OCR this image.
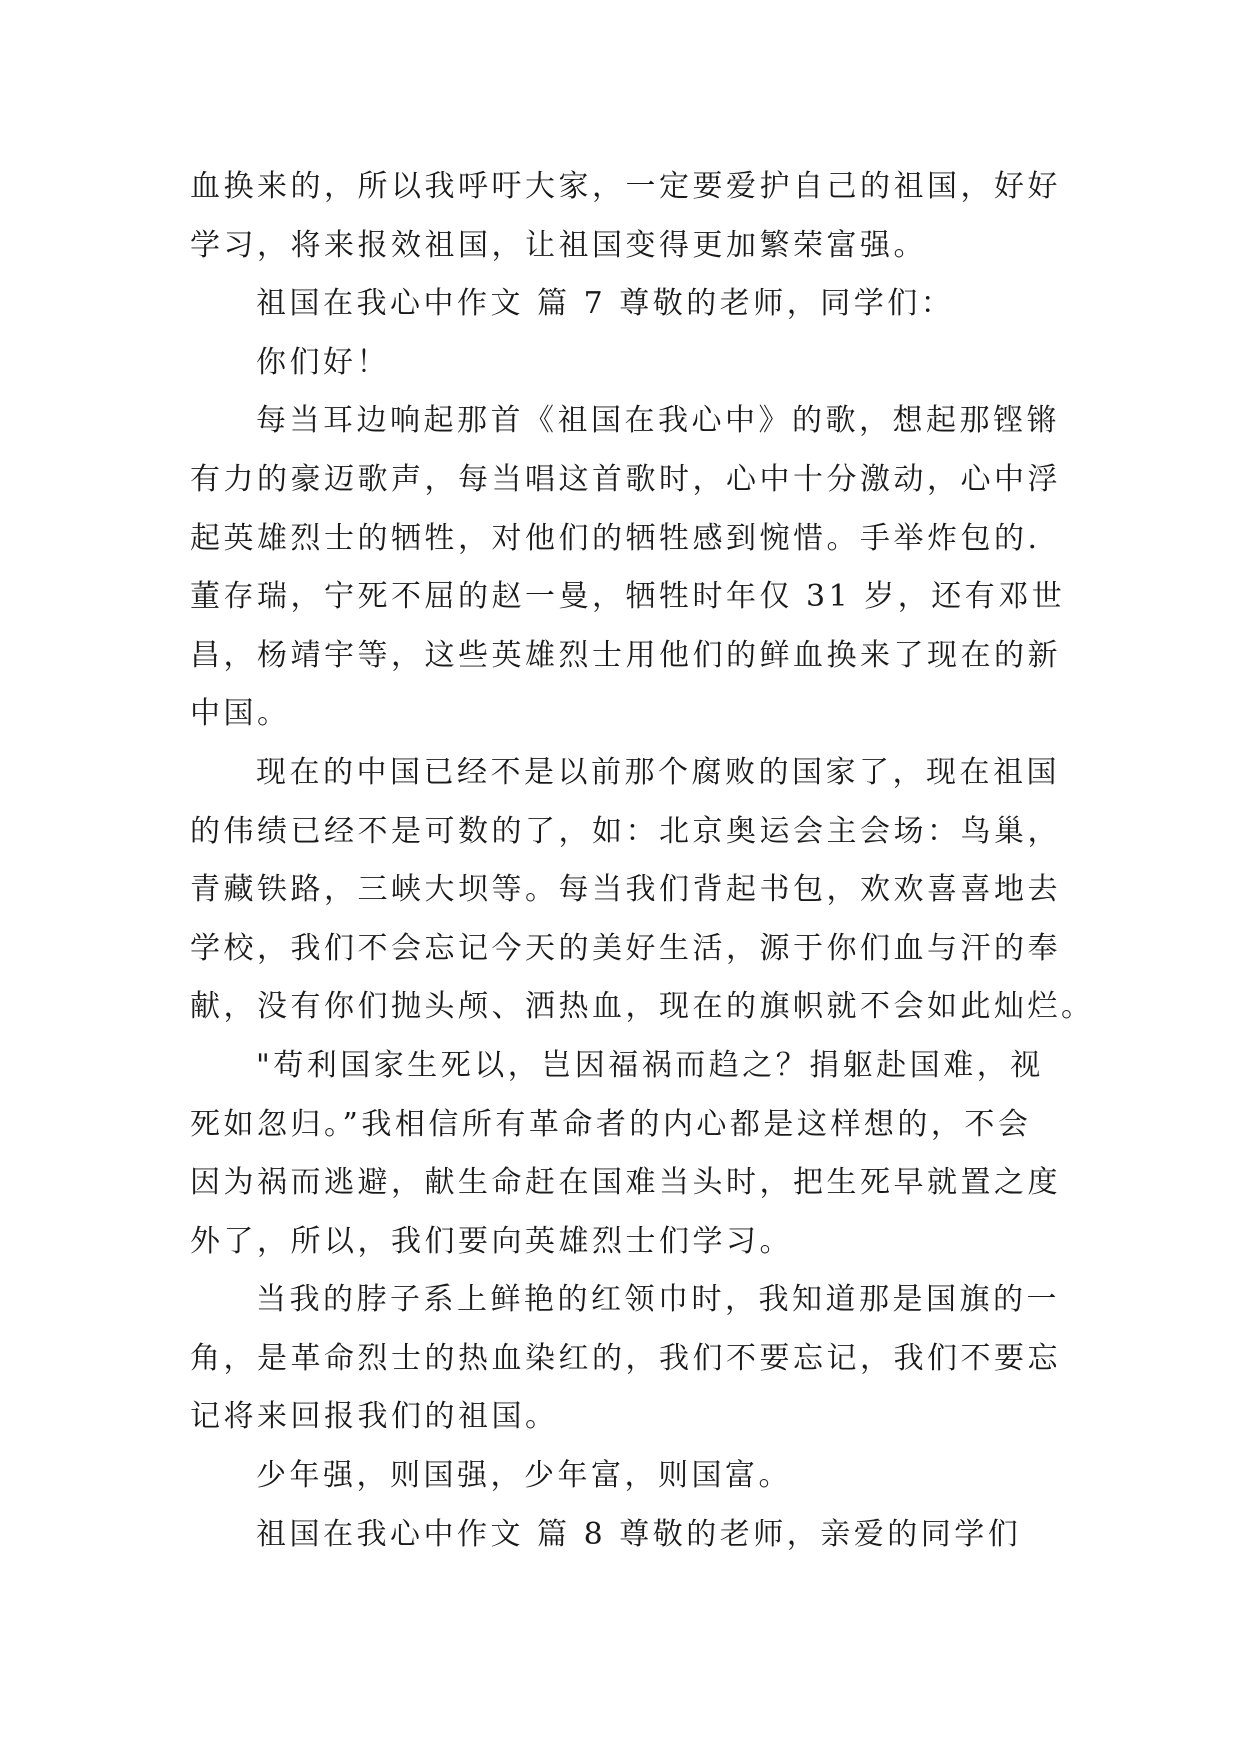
血换来的，所以我呼吁大家，一定要爱护自己的祖国，好好
学习，将来报效祖国，让祖国变得更加繁荣富强。
祖国在我心中作文 篇 7 尊敬的老师，同学们：
你们好！
每当耳边响起那首《祖国在我心中》的歌，想起那铿锵
有力的豪迈歌声，每当唱这首歌时，心中十分激动，心中浮
起英雄烈士的牺牲，对他们的牺牲感到惋惜。手举炸包的.
董存瑞，宁死不屈的赵一曼，牺牲时年仅 31 岁，还有邓世
昌，杨靖宇等，这些英雄烈士用他们的鲜血换来了现在的新
中国。
现在的中国已经不是以前那个腐败的国家了，现在祖国
的伟绩已经不是可数的了，如：北京奥运会主会场：鸟巢，
青藏铁路，三峡大坝等。每当我们背起书包，欢欢喜喜地去
学校，我们不会忘记今天的美好生活，源于你们血与汗的奉
献，没有你们抛头颅、洒热血，现在的旗帜就不会如此灿烂。
"苟利国家生死以，岂因福祸而趋之？捐躯赴国难，视
死如忽归。”我相信所有革命者的内心都是这样想的，不会
因为祸而逃避，献生命赶在国难当头时，把生死早就置之度
外了，所以，我们要向英雄烈士们学习。
当我的脖子系上鲜艳的红领巾时，我知道那是国旗的一
角，是革命烈士的热血染红的，我们不要忘记，我们不要忘
记将来回报我们的祖国。
少年强，则国强，少年富，则国富。
祖国在我心中作文 篇 8 尊敬的老师，亲爱的同学们
